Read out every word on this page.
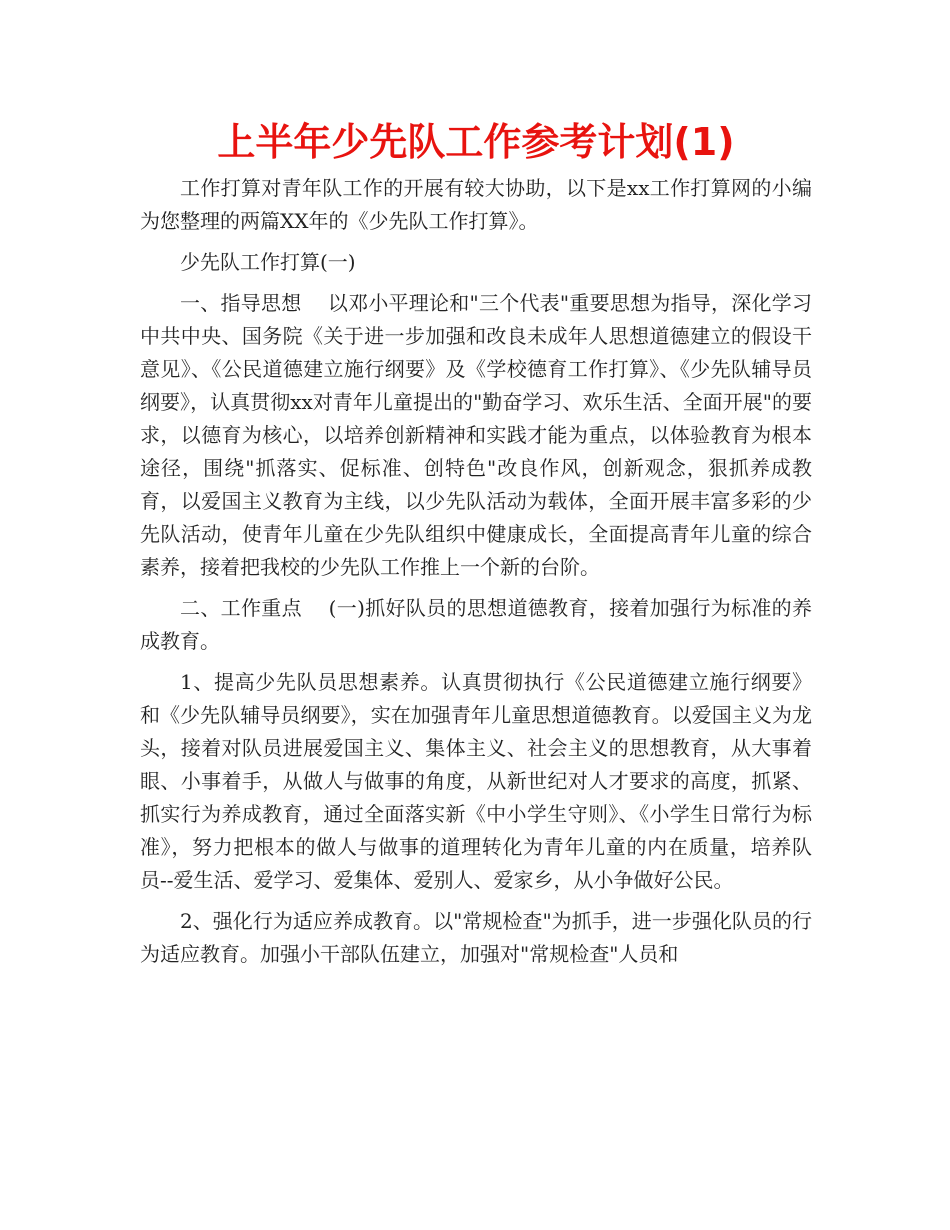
上半年少先队工作参考计划(1)

工作打算对青年队工作的开展有较大协助，以下是xx工作打算网的小编为您整理的两篇XX年的《少先队工作打算》。

少先队工作打算(一)

一、指导思想    以邓小平理论和"三个代表"重要思想为指导，深化学习中共中央、国务院《关于进一步加强和改良未成年人思想道德建立的假设干意见》、《公民道德建立施行纲要》及《学校德育工作打算》、《少先队辅导员纲要》，认真贯彻xx对青年儿童提出的"勤奋学习、欢乐生活、全面开展"的要求，以德育为核心，以培养创新精神和实践才能为重点，以体验教育为根本途径，围绕"抓落实、促标准、创特色"改良作风，创新观念，狠抓养成教育，以爱国主义教育为主线，以少先队活动为载体，全面开展丰富多彩的少先队活动，使青年儿童在少先队组织中健康成长，全面提高青年儿童的综合素养，接着把我校的少先队工作推上一个新的台阶。

二、工作重点    (一)抓好队员的思想道德教育，接着加强行为标准的养成教育。

1、提高少先队员思想素养。认真贯彻执行《公民道德建立施行纲要》和《少先队辅导员纲要》，实在加强青年儿童思想道德教育。以爱国主义为龙头，接着对队员进展爱国主义、集体主义、社会主义的思想教育，从大事着眼、小事着手，从做人与做事的角度，从新世纪对人才要求的高度，抓紧、抓实行为养成教育，通过全面落实新《中小学生守则》、《小学生日常行为标准》，努力把根本的做人与做事的道理转化为青年儿童的内在质量，培养队员--爱生活、爱学习、爱集体、爱别人、爱家乡，从小争做好公民。

2、强化行为适应养成教育。以"常规检查"为抓手，进一步强化队员的行为适应教育。加强小干部队伍建立，加强对"常规检查"人员和
